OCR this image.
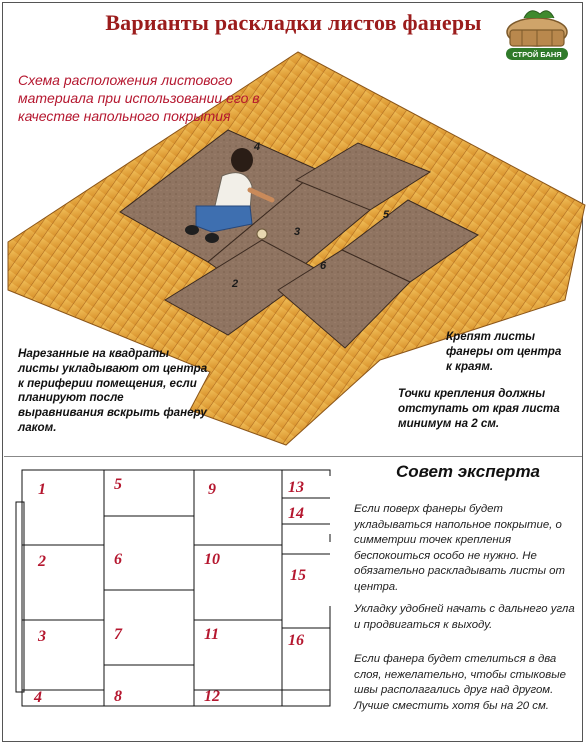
4
3
2
5
6
Варианты раскладки листов фанеры
СТРОЙ БАНЯ
Схема расположения листового материала при использовании его в качестве напольного покрытия
Нарезанные на квадраты листы укладывают от центра к периферии помещения, если планируют после выравнивания вскрыть фанеру лаком.
Крепят листы фанеры от центра к краям.
Точки крепления должны отступать от края листа минимум на 2 см.
1
2
3
4
5
6
7
8
9
10
11
12
13
14
15
16
Совет эксперта
Если поверх фанеры будет укладываться напольное покрытие, о симметрии точек крепления беспокоиться особо не нужно. Не обязательно раскладывать листы от центра.
Укладку удобней начать с дальнего угла и продвигаться к выходу.
Если фанера будет стелиться в два слоя, нежелательно, чтобы стыковые швы располагались друг над другом. Лучше сместить хотя бы на 20 см.
